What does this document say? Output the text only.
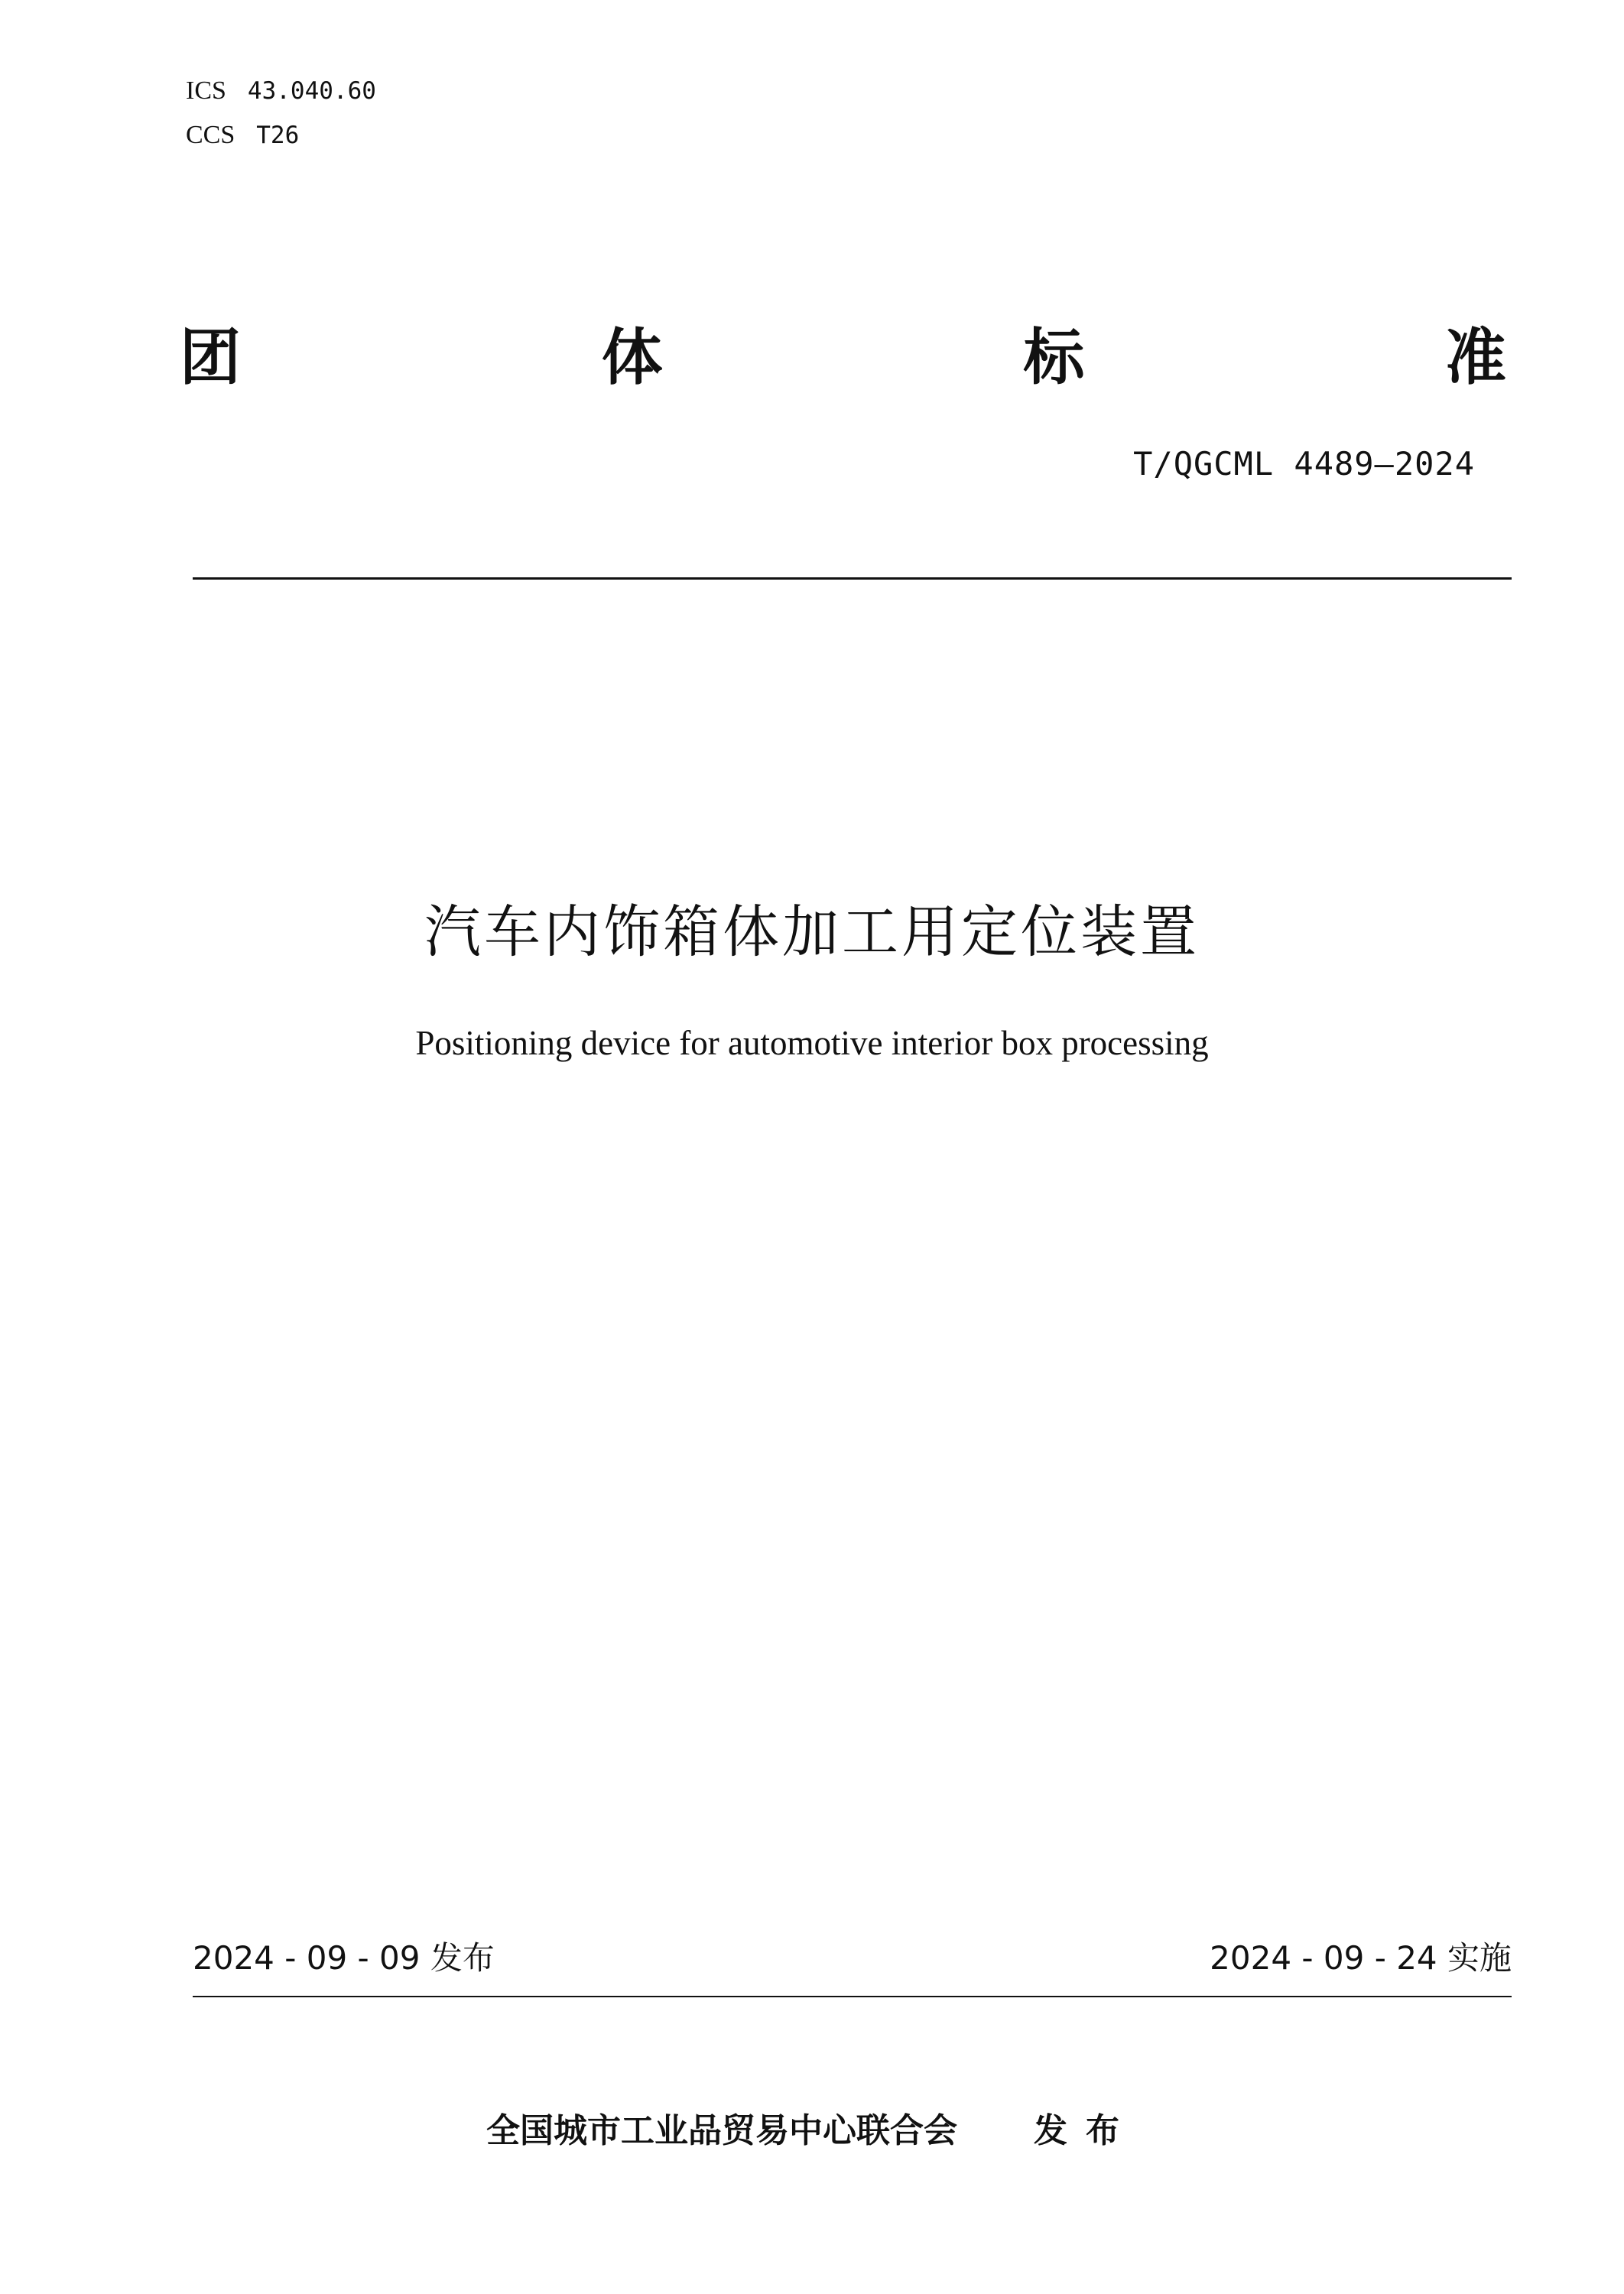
ICS 43.040.60
CCS T26
团	体	标	准
T/QGCML 4489—2024
汽车内饰箱体加工用定位装置
Positioning device for automotive interior box processing
2024 - 09 - 09 发布	2024 - 09 - 24 实施
全国城市工业品贸易中心联合会 发布
